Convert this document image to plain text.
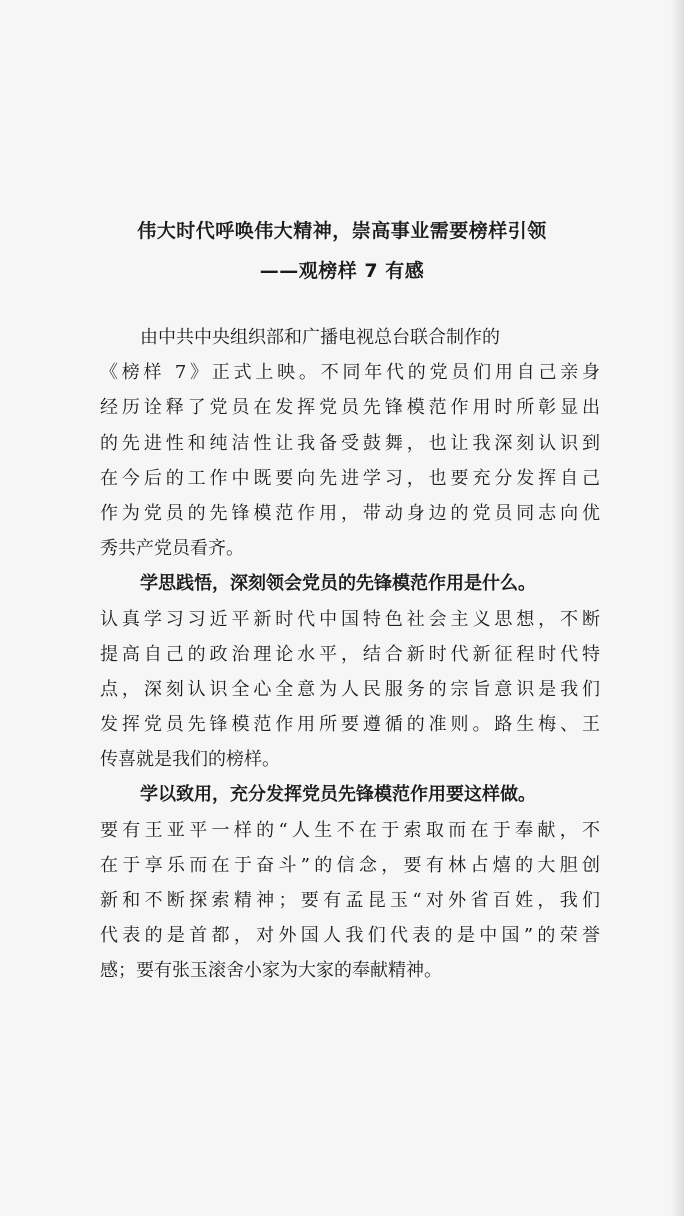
伟大时代呼唤伟大精神，崇高事业需要榜样引领
——观榜样 7 有感
由中共中央组织部和广播电视总台联合制作的
《榜样 7》正式上映。不同年代的党员们用自己亲身
经历诠释了党员在发挥党员先锋模范作用时所彰显出
的先进性和纯洁性让我备受鼓舞，也让我深刻认识到
在今后的工作中既要向先进学习，也要充分发挥自己
作为党员的先锋模范作用，带动身边的党员同志向优
秀共产党员看齐。
学思践悟，深刻领会党员的先锋模范作用是什么。
认真学习习近平新时代中国特色社会主义思想，不断
提高自己的政治理论水平，结合新时代新征程时代特
点，深刻认识全心全意为人民服务的宗旨意识是我们
发挥党员先锋模范作用所要遵循的准则。路生梅、王
传喜就是我们的榜样。
学以致用，充分发挥党员先锋模范作用要这样做。
要有王亚平一样的“人生不在于索取而在于奉献，不
在于享乐而在于奋斗”的信念，要有林占熺的大胆创
新和不断探索精神；要有孟昆玉“对外省百姓，我们
代表的是首都，对外国人我们代表的是中国”的荣誉
感；要有张玉滚舍小家为大家的奉献精神。
